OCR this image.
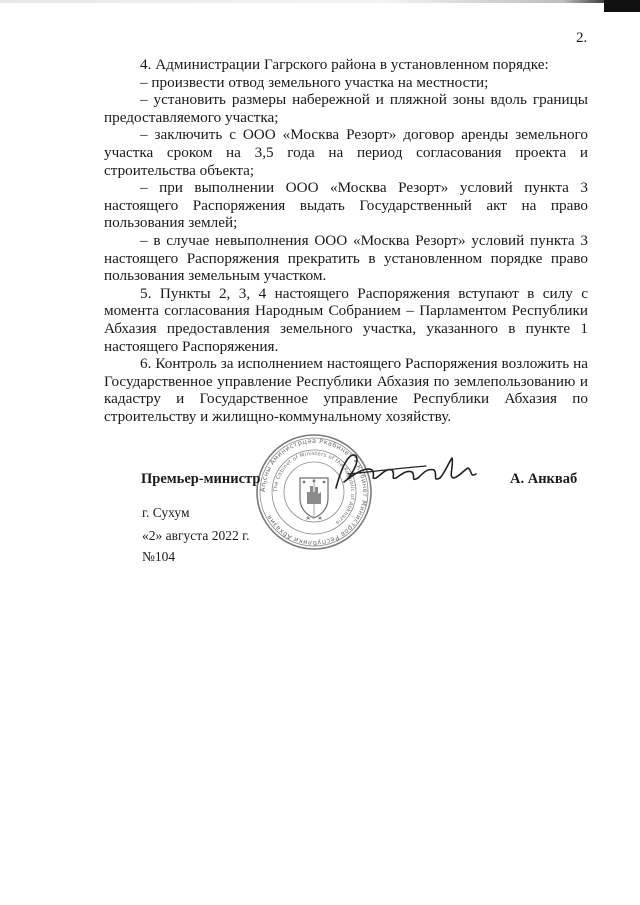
2.

4. Администрации Гагрского района в установленном порядке:

– произвести отвод земельного участка на местности;

– установить размеры набережной и пляжной зоны вдоль границы предоставляемого участка;

– заключить с ООО «Москва Резорт» договор аренды земельного участка сроком на 3,5 года на период согласования проекта и строительства объекта;

– при выполнении ООО «Москва Резорт» условий пункта 3 настоящего Распоряжения выдать Государственный акт на право пользования землей;

– в случае невыполнения ООО «Москва Резорт» условий пункта 3 настоящего Распоряжения прекратить в установленном порядке право пользования земельным участком.

5. Пункты 2, 3, 4 настоящего Распоряжения вступают в силу с момента согласования Народным Собранием – Парламентом Республики Абхазия предоставления земельного участка, указанного в пункте 1 настоящего Распоряжения.

6. Контроль за исполнением настоящего Распоряжения возложить на Государственное управление Республики Абхазия по землепользованию и кадастру и Государственное управление Республики Абхазия по строительству и жилищно-коммунальному хозяйству.

Аҧсны Аминистрцәа Ркабинет • Кабинет Министров Республики Абхазия
The Cabinet of Ministers of the Republic of Abkhazia
Премьер-министр	А. Анкваб
г. Сухум
«2» августа 2022 г.
№104
